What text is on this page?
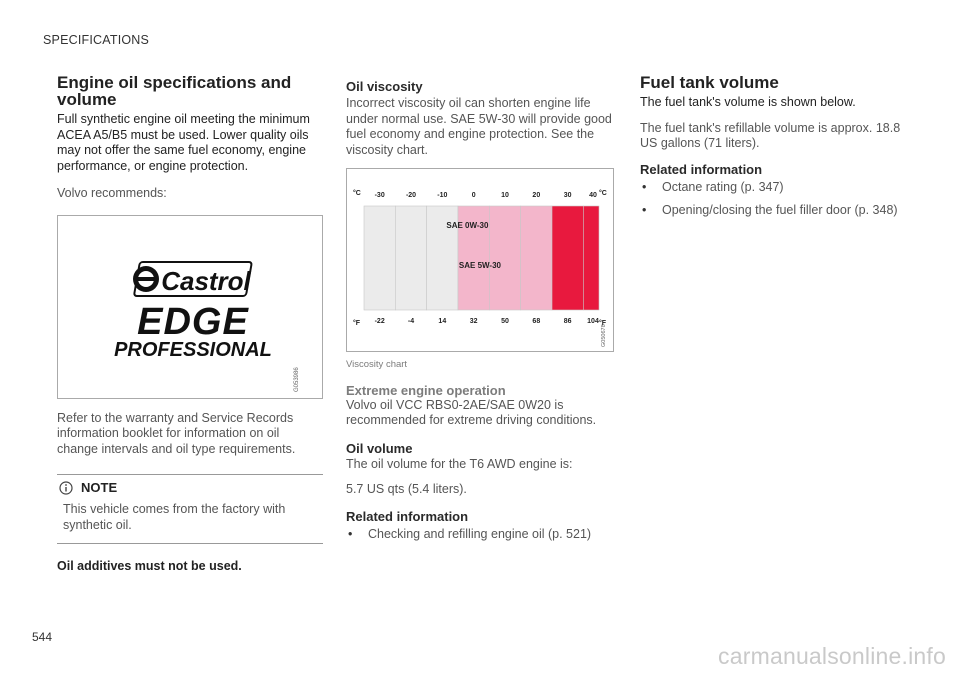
SPECIFICATIONS
Engine oil specifications and volume

Full synthetic engine oil meeting the minimum ACEA A5/B5 must be used. Lower quality oils may not offer the same fuel economy, engine performance, or engine protection.

Volvo recommends:

Castrol
EDGE
PROFESSIONAL
G053986

Refer to the warranty and Service Records information booklet for information on oil change intervals and oil type requirements.

NOTE

This vehicle comes from the factory with synthetic oil.

Oil additives must not be used.

Oil viscosity

Incorrect viscosity oil can shorten engine life under normal use. SAE 5W-30 will provide good fuel economy and engine protection. See the viscosity chart.

-30	-20	-10	0	10	20	30	40
-22	-4	14	32	50	68	86 104
°C	°C
°F	°F
SAE 0W-30
SAE 5W-30
G050678

Viscosity chart

Extreme engine operation

Volvo oil VCC RBS0-2AE/SAE 0W20 is recommended for extreme driving conditions.

Oil volume

The oil volume for the T6 AWD engine is:

5.7 US qts (5.4 liters).

Related information
• Checking and refilling engine oil (p. 521)
Fuel tank volume

The fuel tank's volume is shown below.

The fuel tank's refillable volume is approx. 18.8 US gallons (71 liters).

Related information
• Octane rating (p. 347)
• Opening/closing the fuel filler door (p. 348)
544
carmanualsonline.info
